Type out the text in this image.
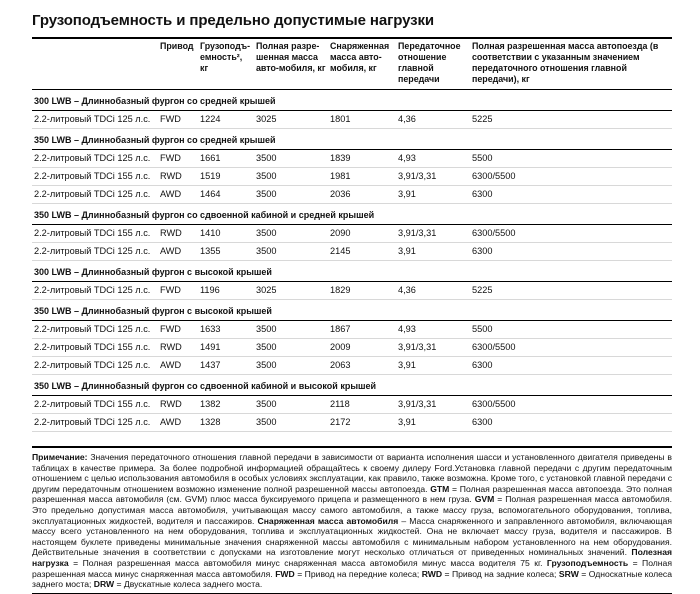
Грузоподъемность и предельно допустимые нагрузки
	Привод	Грузоподъ-емность², кг	Полная разре-шенная масса авто-мобиля, кг	Снаряженная масса авто-мобиля, кг	Передаточное отношение главной передачи	Полная разрешенная масса автопоезда (в соответствии с указанным значением передаточного отношения главной передачи), кг
300 LWB – Длиннобазный фургон со средней крышей						
2.2-литровый TDCi 125 л.с.	FWD	1224	3025	1801	4,36	5225
350 LWB – Длиннобазный фургон со средней крышей						
2.2-литровый TDCi 125 л.с.	FWD	1661	3500	1839	4,93	5500
2.2-литровый TDCi 155 л.с.	RWD	1519	3500	1981	3,91/3,31	6300/5500
2.2-литровый TDCi 125 л.с.	AWD	1464	3500	2036	3,91	6300
350 LWB – Длиннобазный фургон со сдвоенной кабиной и средней крышей						
2.2-литровый TDCi 155 л.с.	RWD	1410	3500	2090	3,91/3,31	6300/5500
2.2-литровый TDCi 125 л.с.	AWD	1355	3500	2145	3,91	6300
300 LWB – Длиннобазный фургон с высокой крышей						
2.2-литровый TDCi 125 л.с.	FWD	1196	3025	1829	4,36	5225
350 LWB – Длиннобазный фургон с высокой крышей						
2.2-литровый TDCi 125 л.с.	FWD	1633	3500	1867	4,93	5500
2.2-литровый TDCi 155 л.с.	RWD	1491	3500	2009	3,91/3,31	6300/5500
2.2-литровый TDCi 125 л.с.	AWD	1437	3500	2063	3,91	6300
350 LWB – Длиннобазный фургон со сдвоенной кабиной и высокой крышей						
2.2-литровый TDCi 155 л.с.	RWD	1382	3500	2118	3,91/3,31	6300/5500
2.2-литровый TDCi 125 л.с.	AWD	1328	3500	2172	3,91	6300

Примечание: Значения передаточного отношения главной передачи в зависимости от варианта исполнения шасси и установленного двигателя приведены в таблицах в качестве примера. За более подробной информацией обращайтесь к своему дилеру Ford.Установка главной передачи с другим передаточным отношением с целью использования автомобиля в особых условиях эксплуатации, как правило, также возможна. Кроме того, с установкой главной передачи с другим передаточным отношением возможно изменение полной разрешенной массы автопоезда. GTM = Полная разрешенная масса автопоезда. Это полная разрешенная масса автомобиля (см. GVM) плюс масса буксируемого прицепа и размещенного в нем груза. GVM = Полная разрешенная масса автомобиля. Это предельно допустимая масса автомобиля, учитывающая массу самого автомобиля, а также массу груза, вспомогательного оборудования, топлива, эксплуатационных жидкостей, водителя и пассажиров. Снаряженная масса автомобиля – Масса снаряженного и заправленного автомобиля, включающая массу всего установленного на нем оборудования, топлива и эксплуатационных жидкостей. Она не включает массу груза, водителя и пассажиров. В настоящем буклете приведены минимальные значения снаряженной массы автомобиля с минимальным набором установленного на нем оборудования. Действительные значения в соответствии с допусками на изготовление могут несколько отличаться от приведенных номинальных значений. Полезная нагрузка = Полная разрешенная масса автомобиля минус снаряженная масса автомобиля минус масса водителя 75 кг. Грузоподъемность = Полная разрешенная масса минус снаряженная масса автомобиля. FWD = Привод на передние колеса; RWD = Привод на задние колеса; SRW = Односкатные колеса заднего моста; DRW = Двускатные колеса заднего моста.
